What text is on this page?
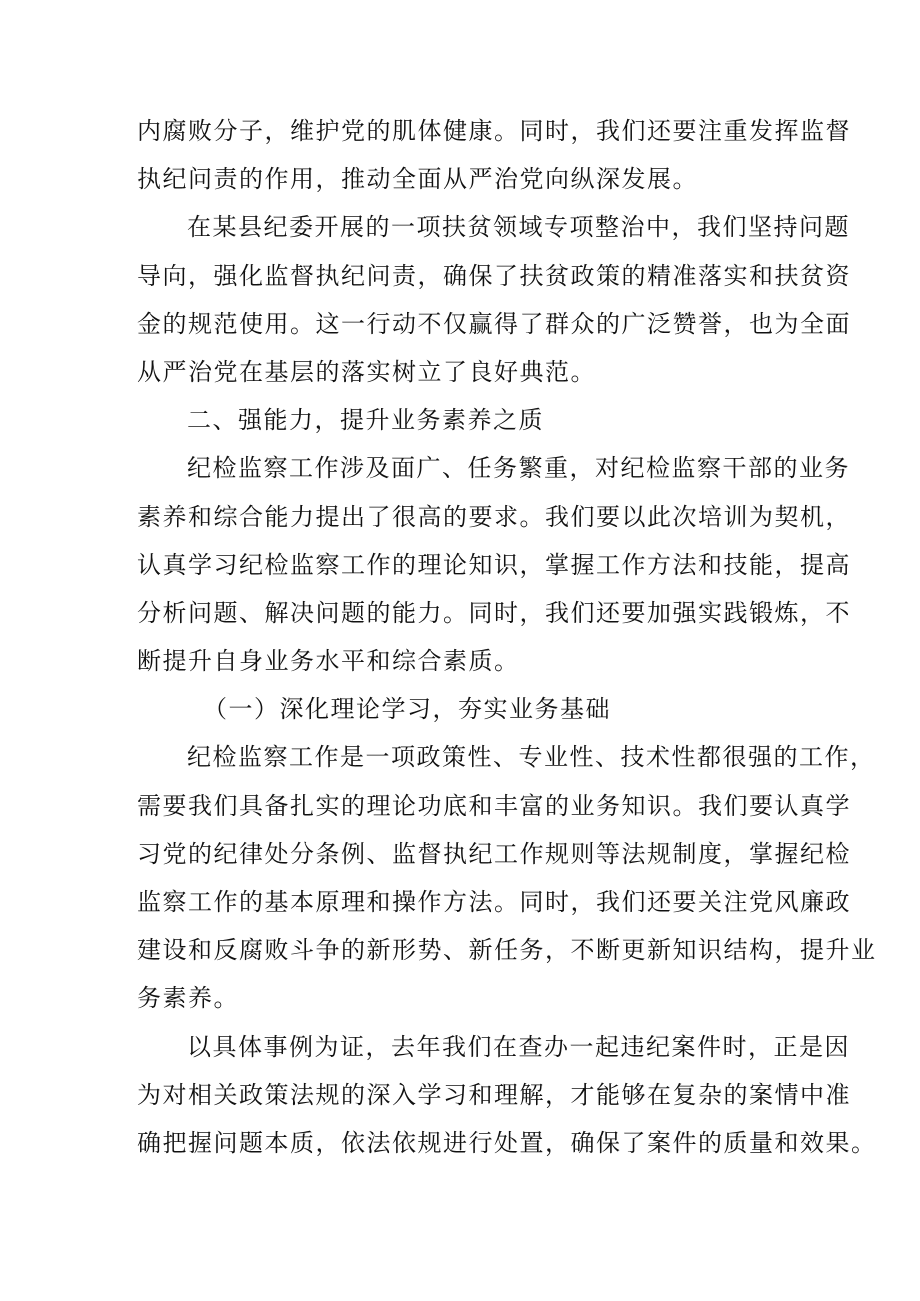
内腐败分子，维护党的肌体健康。同时，我们还要注重发挥监督
执纪问责的作用，推动全面从严治党向纵深发展。
在某县纪委开展的一项扶贫领域专项整治中，我们坚持问题
导向，强化监督执纪问责，确保了扶贫政策的精准落实和扶贫资
金的规范使用。这一行动不仅赢得了群众的广泛赞誉，也为全面
从严治党在基层的落实树立了良好典范。
二、强能力，提升业务素养之质
纪检监察工作涉及面广、任务繁重，对纪检监察干部的业务
素养和综合能力提出了很高的要求。我们要以此次培训为契机，
认真学习纪检监察工作的理论知识，掌握工作方法和技能，提高
分析问题、解决问题的能力。同时，我们还要加强实践锻炼，不
断提升自身业务水平和综合素质。
（一）深化理论学习，夯实业务基础
纪检监察工作是一项政策性、专业性、技术性都很强的工作，
需要我们具备扎实的理论功底和丰富的业务知识。我们要认真学
习党的纪律处分条例、监督执纪工作规则等法规制度，掌握纪检
监察工作的基本原理和操作方法。同时，我们还要关注党风廉政
建设和反腐败斗争的新形势、新任务，不断更新知识结构，提升业
务素养。
以具体事例为证，去年我们在查办一起违纪案件时，正是因
为对相关政策法规的深入学习和理解，才能够在复杂的案情中准
确把握问题本质，依法依规进行处置，确保了案件的质量和效果。
